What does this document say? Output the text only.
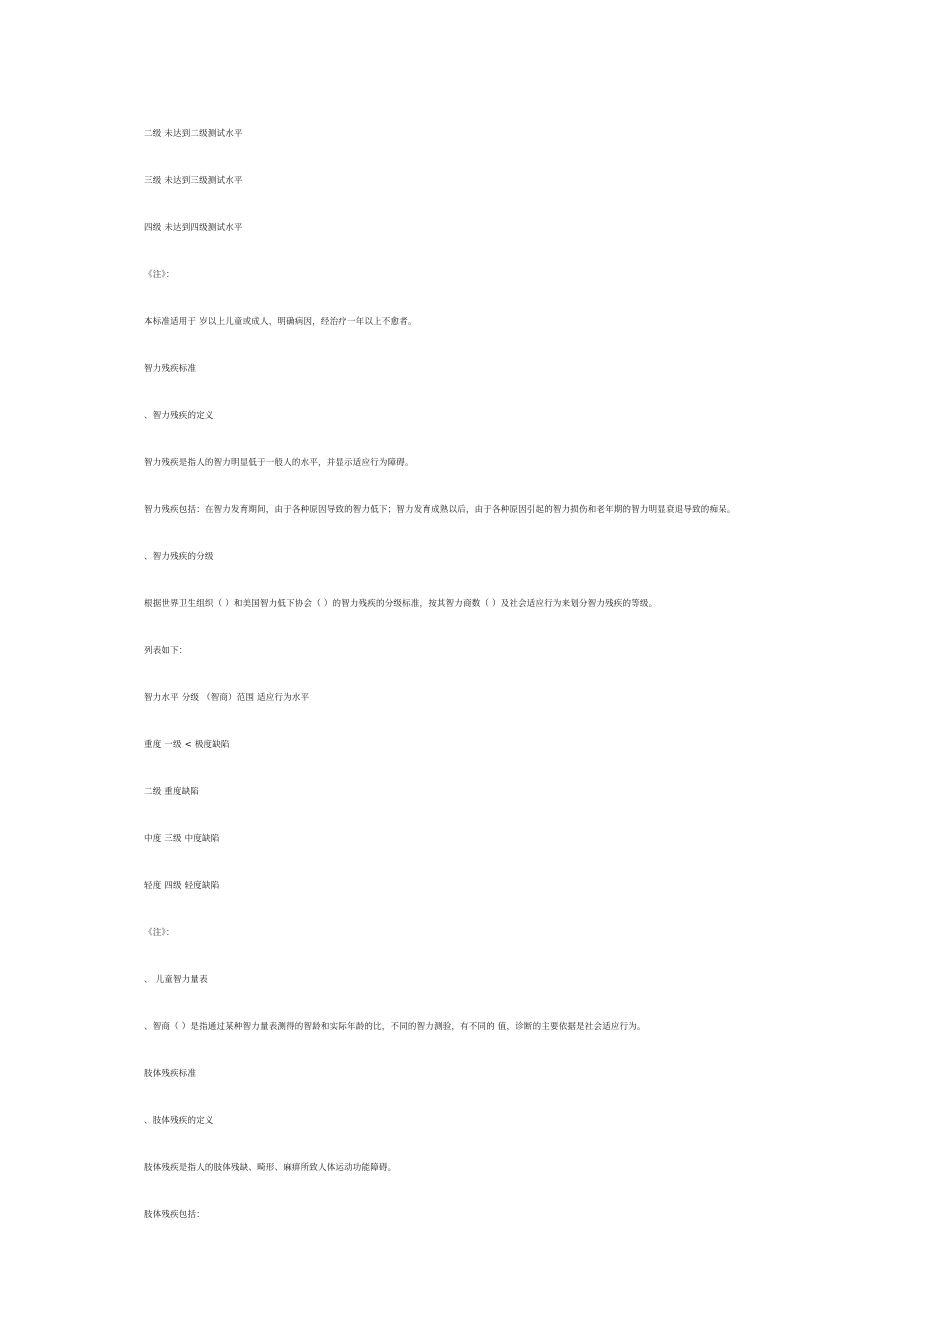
二级 未达到二级测试水平
三级 未达到三级测试水平
四级 未达到四级测试水平
《注》：
本标准适用于 岁以上儿童或成人，明确病因，经治疗一年以上不愈者。
智力残疾标准
、智力残疾的定义
智力残疾是指人的智力明显低于一般人的水平，并显示适应行为障碍。
智力残疾包括：在智力发育期间，由于各种原因导致的智力低下；智力发育成熟以后，由于各种原因引起的智力损伤和老年期的智力明显衰退导致的痴呆。
、智力残疾的分级
根据世界卫生组织（ ）和美国智力低下协会（ ）的智力残疾的分级标准，按其智力商数（ ）及社会适应行为来划分智力残疾的等级。
列表如下：
智力水平 分级 （智商）范围 适应行为水平
重度 一级 < 极度缺陷
二级 重度缺陷
中度 三级 中度缺陷
轻度 四级 轻度缺陷
《注》：
、 儿童智力量表
、智商（ ）是指通过某种智力量表测得的智龄和实际年龄的比，不同的智力测验，有不同的 值，诊断的主要依据是社会适应行为。
肢体残疾标准
、肢体残疾的定义
肢体残疾是指人的肢体残缺、畸形、麻痹所致人体运动功能障碍。
肢体残疾包括：
